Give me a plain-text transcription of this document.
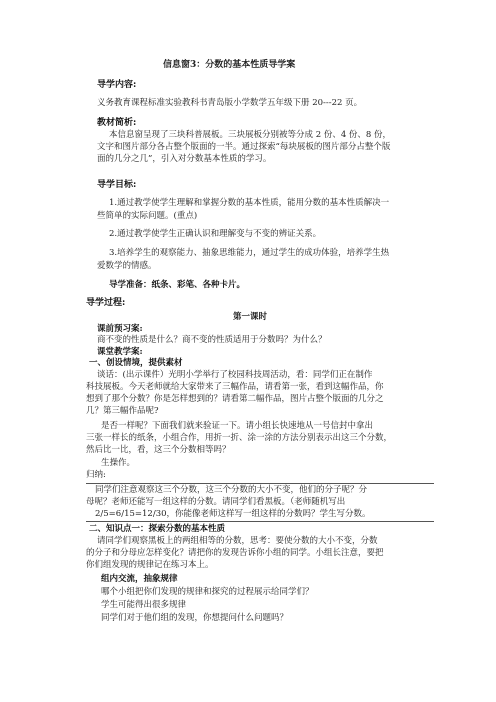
信息窗3：分数的基本性质导学案
导学内容:
义务教育课程标准实验教科书青岛版小学数学五年级下册 20---22 页。
教材简析:
本信息窗呈现了三块科普展板。三块展板分别被等分成 2 份、4 份、8 份，
文字和图片部分各占整个版面的一半。通过探索“每块展板的图片部分占整个版
面的几分之几”，引入对分数基本性质的学习。
导学目标:
1.通过教学使学生理解和掌握分数的基本性质，能用分数的基本性质解决一
些简单的实际问题。(重点)
2.通过教学使学生正确认识和理解变与不变的辨证关系。
3.培养学生的观察能力、抽象思维能力，通过学生的成功体验，培养学生热
爱数学的情感。
导学准备：纸条、彩笔、各种卡片。
导学过程:
第一课时
课前预习案:
商不变的性质是什么？商不变的性质适用于分数吗？为什么？
课堂教学案:
一、创设情境，提供素材
谈话：(出示课件）光明小学举行了校园科技周活动，看：同学们正在制作
科技展板。今天老师就给大家带来了三幅作品，请看第一张，看到这幅作品，你
想到了那个分数？你是怎样想到的？请看第二幅作品，图片占整个版面的几分之
几？第三幅作品呢?
是否一样呢？下面我们就来验证一下。请小组长快速地从一号信封中拿出
三张一样长的纸条，小组合作，用折一折、涂一涂的方法分别表示出这三个分数，
然后比一比，看，这三个分数相等吗？
生操作。
归纳:
同学们注意观察这三个分数，这三个分数的大小不变，他们的分子呢？分
母呢？老师还能写一组这样的分数。请同学们看黑板。（老师随机写出
2/5=6/15=12/30，你能像老师这样写一组这样的分数吗？学生写分数。
二、知识点一：探索分数的基本性质
请同学们观察黑板上的两组相等的分数，思考：要使分数的大小不变，分数
的分子和分母应怎样变化？请把你的发现告诉你小组的同学。小组长注意，要把
你们组发现的规律记在练习本上。
组内交流，抽象规律
哪个小组把你们发现的规律和探究的过程展示给同学们？
学生可能得出很多规律
同学们对于他们组的发现，你想提问什么问题吗？
